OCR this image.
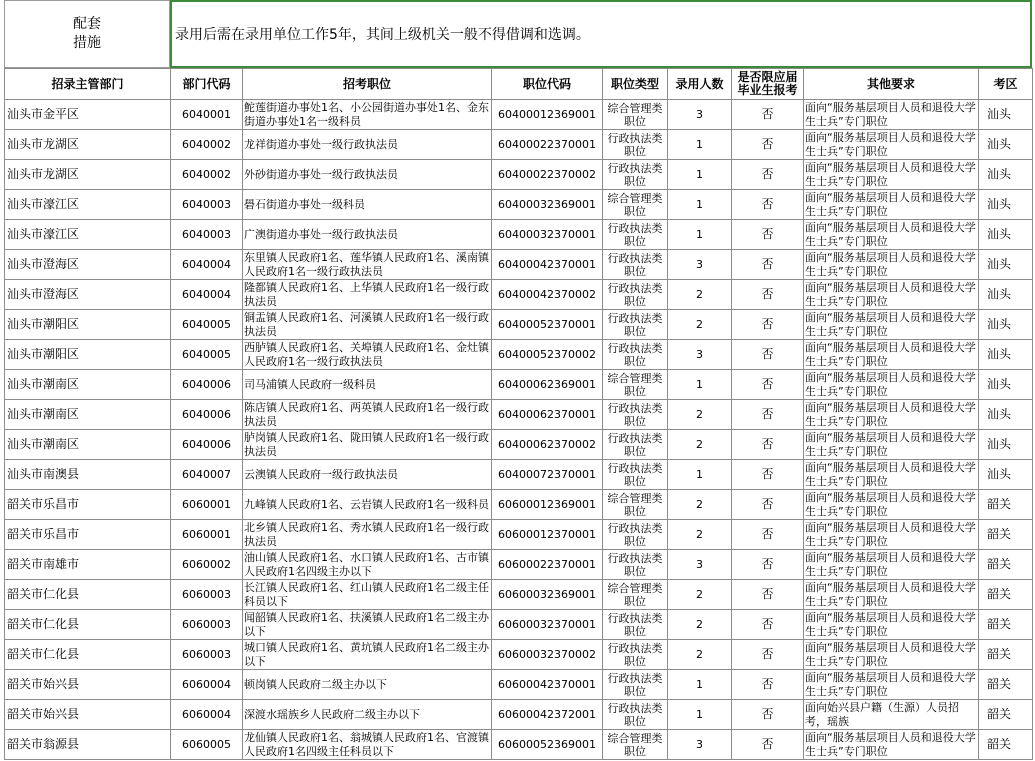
配套
措施	录用后需在录用单位工作5年，其间上级机关一般不得借调和选调。
招录主管部门	部门代码	招考职位	职位代码	职位类型	录用人数	是否限应届毕业生报考	其他要求	考区

汕头市金平区	6040001	鮀莲街道办事处1名、小公园街道办事处1名、金东街道办事处1名一级科员	60400012369001	综合管理类职位	3	否	面向“服务基层项目人员和退役大学生士兵”专门职位	汕头

汕头市龙湖区	6040002	龙祥街道办事处一级行政执法员	60400022370001	行政执法类职位	1	否	面向“服务基层项目人员和退役大学生士兵”专门职位	汕头

汕头市龙湖区	6040002	外砂街道办事处一级行政执法员	60400022370002	行政执法类职位	1	否	面向“服务基层项目人员和退役大学生士兵”专门职位	汕头

汕头市濠江区	6040003	礐石街道办事处一级科员	60400032369001	综合管理类职位	1	否	面向“服务基层项目人员和退役大学生士兵”专门职位	汕头

汕头市濠江区	6040003	广澳街道办事处一级行政执法员	60400032370001	行政执法类职位	1	否	面向“服务基层项目人员和退役大学生士兵”专门职位	汕头

汕头市澄海区	6040004	东里镇人民政府1名、莲华镇人民政府1名、溪南镇人民政府1名一级行政执法员	60400042370001	行政执法类职位	3	否	面向“服务基层项目人员和退役大学生士兵”专门职位	汕头

汕头市澄海区	6040004	隆都镇人民政府1名、上华镇人民政府1名一级行政执法员	60400042370002	行政执法类职位	2	否	面向“服务基层项目人员和退役大学生士兵”专门职位	汕头

汕头市潮阳区	6040005	铜盂镇人民政府1名、河溪镇人民政府1名一级行政执法员	60400052370001	行政执法类职位	2	否	面向“服务基层项目人员和退役大学生士兵”专门职位	汕头

汕头市潮阳区	6040005	西胪镇人民政府1名、关埠镇人民政府1名、金灶镇人民政府1名一级行政执法员	60400052370002	行政执法类职位	3	否	面向“服务基层项目人员和退役大学生士兵”专门职位	汕头

汕头市潮南区	6040006	司马浦镇人民政府一级科员	60400062369001	综合管理类职位	1	否	面向“服务基层项目人员和退役大学生士兵”专门职位	汕头

汕头市潮南区	6040006	陈店镇人民政府1名、两英镇人民政府1名一级行政执法员	60400062370001	行政执法类职位	2	否	面向“服务基层项目人员和退役大学生士兵”专门职位	汕头

汕头市潮南区	6040006	胪岗镇人民政府1名、陇田镇人民政府1名一级行政执法员	60400062370002	行政执法类职位	2	否	面向“服务基层项目人员和退役大学生士兵”专门职位	汕头

汕头市南澳县	6040007	云澳镇人民政府一级行政执法员	60400072370001	行政执法类职位	1	否	面向“服务基层项目人员和退役大学生士兵”专门职位	汕头

韶关市乐昌市	6060001	九峰镇人民政府1名、云岩镇人民政府1名一级科员	60600012369001	综合管理类职位	2	否	面向“服务基层项目人员和退役大学生士兵”专门职位	韶关

韶关市乐昌市	6060001	北乡镇人民政府1名、秀水镇人民政府1名一级行政执法员	60600012370001	行政执法类职位	2	否	面向“服务基层项目人员和退役大学生士兵”专门职位	韶关

韶关市南雄市	6060002	油山镇人民政府1名、水口镇人民政府1名、古市镇人民政府1名四级主办以下	60600022370001	行政执法类职位	3	否	面向“服务基层项目人员和退役大学生士兵”专门职位	韶关

韶关市仁化县	6060003	长江镇人民政府1名、红山镇人民政府1名二级主任科员以下	60600032369001	综合管理类职位	2	否	面向“服务基层项目人员和退役大学生士兵”专门职位	韶关

韶关市仁化县	6060003	闻韶镇人民政府1名、扶溪镇人民政府1名二级主办以下	60600032370001	行政执法类职位	2	否	面向“服务基层项目人员和退役大学生士兵”专门职位	韶关

韶关市仁化县	6060003	城口镇人民政府1名、黄坑镇人民政府1名二级主办以下	60600032370002	行政执法类职位	2	否	面向“服务基层项目人员和退役大学生士兵”专门职位	韶关

韶关市始兴县	6060004	顿岗镇人民政府二级主办以下	60600042370001	行政执法类职位	1	否	面向“服务基层项目人员和退役大学生士兵”专门职位	韶关

韶关市始兴县	6060004	深渡水瑶族乡人民政府二级主办以下	60600042372001	行政执法类职位	1	否	面向始兴县户籍（生源）人员招考，瑶族	韶关

韶关市翁源县	6060005	龙仙镇人民政府1名、翁城镇人民政府1名、官渡镇人民政府1名四级主任科员以下	60600052369001	综合管理类职位	3	否	面向“服务基层项目人员和退役大学生士兵”专门职位	韶关
